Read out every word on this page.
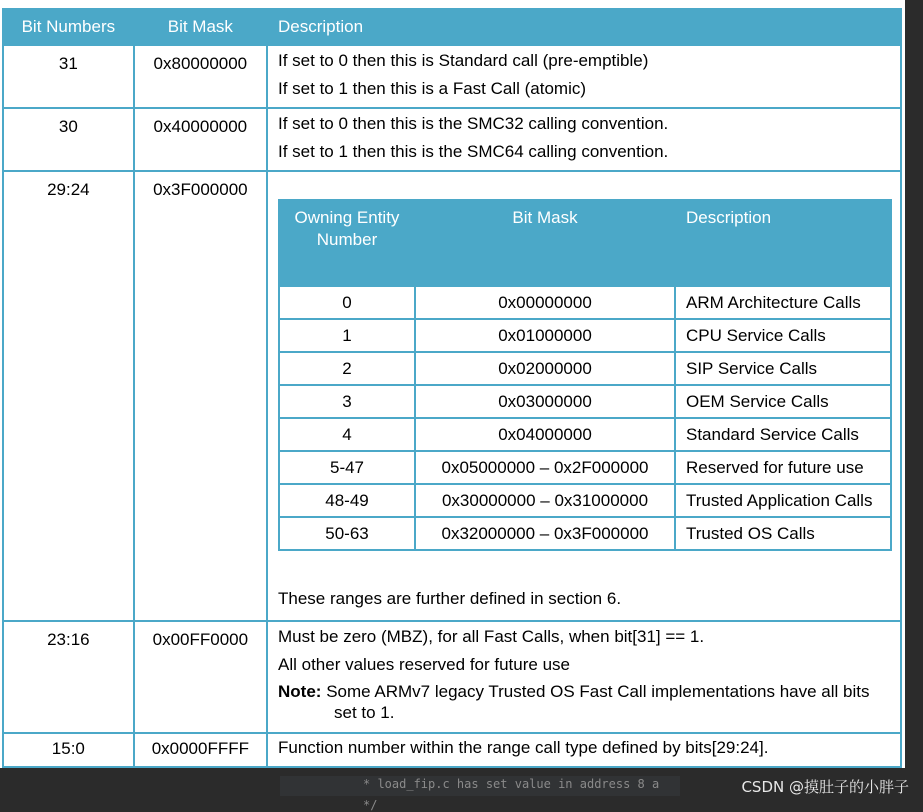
* load_fip.c has set value in address 8 a
*/
CSDN @摸肚子的小胖子
Bit Numbers	Bit Mask	Description
31	0x80000000	If set to 0 then this is Standard call (pre-emptible)
If set to 1 then this is a Fast Call (atomic)

30	0x40000000	If set to 0 then this is the SMC32 calling convention.
If set to 1 then this is the SMC64 calling convention.

29:24	0x3F000000	
Owning Entity Number	Bit Mask	Description
0	0x00000000	ARM Architecture Calls
1	0x01000000	CPU Service Calls
2	0x02000000	SIP Service Calls
3	0x03000000	OEM Service Calls
4	0x04000000	Standard Service Calls
5-47	0x05000000 – 0x2F000000	Reserved for future use
48-49	0x30000000 – 0x31000000	Trusted Application Calls
50-63	0x32000000 – 0x3F000000	Trusted OS Calls
These ranges are further defined in section 6.

23:16	0x00FF0000	Must be zero (MBZ), for all Fast Calls, when bit[31] == 1.
All other values reserved for future use
Note: Some ARMv7 legacy Trusted OS Fast Call implementations have all bits set to 1.

15:0	0x0000FFFF	Function number within the range call type defined by bits[29:24].
